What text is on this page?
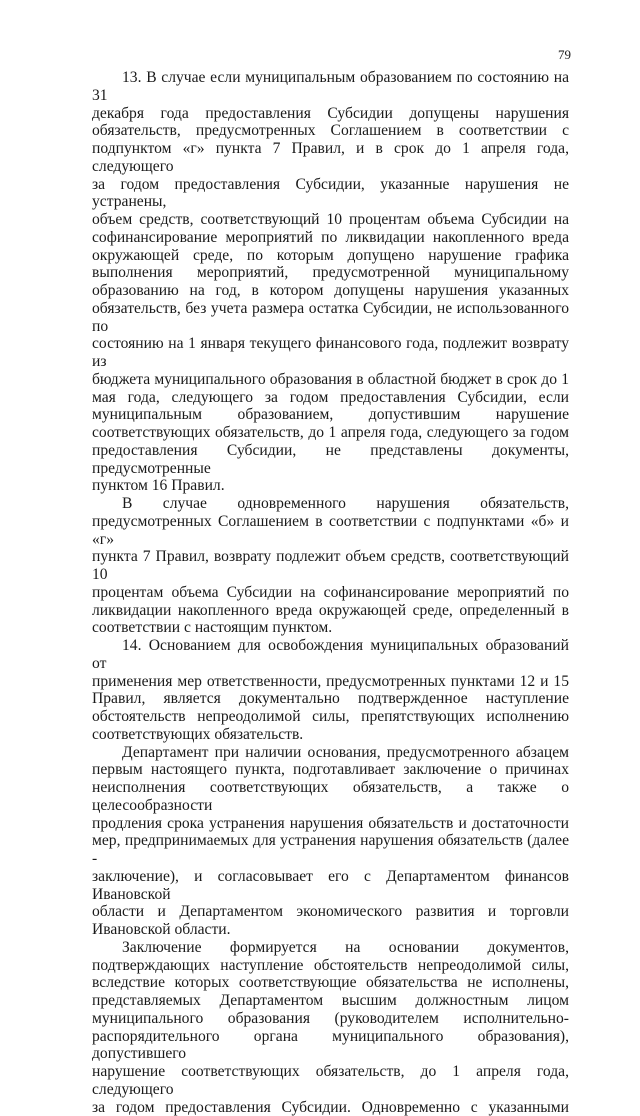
79
13. В случае если муниципальным образованием по состоянию на 31
декабря года предоставления Субсидии допущены нарушения
обязательств, предусмотренных Соглашением в соответствии с
подпунктом «г» пункта 7 Правил, и в срок до 1 апреля года, следующего
за годом предоставления Субсидии, указанные нарушения не устранены,
объем средств, соответствующий 10 процентам объема Субсидии на
софинансирование мероприятий по ликвидации накопленного вреда
окружающей среде, по которым допущено нарушение графика
выполнения мероприятий, предусмотренной муниципальному
образованию на год, в котором допущены нарушения указанных
обязательств, без учета размера остатка Субсидии, не использованного по
состоянию на 1 января текущего финансового года, подлежит возврату из
бюджета муниципального образования в областной бюджет в срок до 1
мая года, следующего за годом предоставления Субсидии, если
муниципальным образованием, допустившим нарушение
соответствующих обязательств, до 1 апреля года, следующего за годом
предоставления Субсидии, не представлены документы, предусмотренные
пунктом 16 Правил.
В случае одновременного нарушения обязательств,
предусмотренных Соглашением в соответствии с подпунктами «б» и «г»
пункта 7 Правил, возврату подлежит объем средств, соответствующий 10
процентам объема Субсидии на софинансирование мероприятий по
ликвидации накопленного вреда окружающей среде, определенный в
соответствии с настоящим пунктом.
14. Основанием для освобождения муниципальных образований от
применения мер ответственности, предусмотренных пунктами 12 и 15
Правил, является документально подтвержденное наступление
обстоятельств непреодолимой силы, препятствующих исполнению
соответствующих обязательств.
Департамент при наличии основания, предусмотренного абзацем
первым настоящего пункта, подготавливает заключение о причинах
неисполнения соответствующих обязательств, а также о целесообразности
продления срока устранения нарушения обязательств и достаточности
мер, предпринимаемых для устранения нарушения обязательств (далее -
заключение), и согласовывает его с Департаментом финансов Ивановской
области и Департаментом экономического развития и торговли
Ивановской области.
Заключение формируется на основании документов,
подтверждающих наступление обстоятельств непреодолимой силы,
вследствие которых соответствующие обязательства не исполнены,
представляемых Департаментом высшим должностным лицом
муниципального образования (руководителем исполнительно-
распорядительного органа муниципального образования), допустившего
нарушение соответствующих обязательств, до 1 апреля года, следующего
за годом предоставления Субсидии. Одновременно с указанными
